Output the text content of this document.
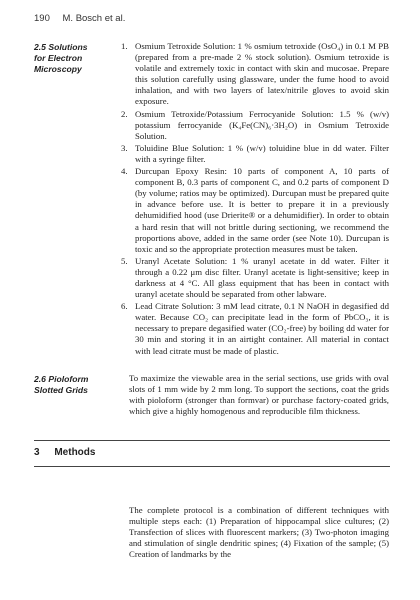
190 M. Bosch et al.
2.5 Solutions
for Electron
Microscopy
1. Osmium Tetroxide Solution: 1 % osmium tetroxide (OsO₄) in 0.1 M PB (prepared from a pre-made 2 % stock solution). Osmium tetroxide is volatile and extremely toxic in contact with skin and mucosae. Prepare this solution carefully using glassware, under the fume hood to avoid inhalation, and with two layers of latex/nitrile gloves to avoid skin exposure.
2. Osmium Tetroxide/Potassium Ferrocyanide Solution: 1.5 % (w/v) potassium ferrocyanide (K₄Fe(CN)₆·3H₂O) in Osmium Tetroxide Solution.
3. Toluidine Blue Solution: 1 % (w/v) toluidine blue in dd water. Filter with a syringe filter.
4. Durcupan Epoxy Resin: 10 parts of component A, 10 parts of component B, 0.3 parts of component C, and 0.2 parts of component D (by volume; ratios may be optimized). Durcupan must be prepared quite in advance before use. It is better to prepare it in a previously dehumidified hood (use Drierite® or a dehumidifier). In order to obtain a hard resin that will not brittle during sectioning, we recommend the proportions above, added in the same order (see Note 10). Durcupan is toxic and so the appropriate protection measures must be taken.
5. Uranyl Acetate Solution: 1 % uranyl acetate in dd water. Filter it through a 0.22 μm disc filter. Uranyl acetate is light-sensitive; keep in darkness at 4 °C. All glass equipment that has been in contact with uranyl acetate should be separated from other labware.
6. Lead Citrate Solution: 3 mM lead citrate, 0.1 N NaOH in degasified dd water. Because CO₂ can precipitate lead in the form of PbCO₃, it is necessary to prepare degasified water (CO₂-free) by boiling dd water for 30 min and storing it in an airtight container. All material in contact with lead citrate must be made of plastic.
2.6 Pioloform
Slotted Grids

To maximize the viewable area in the serial sections, use grids with oval slots of 1 mm wide by 2 mm long. To support the sections, coat the grids with pioloform (stronger than formvar) or purchase factory-coated grids, which give a highly homogenous and reproducible film thickness.

3 Methods

The complete protocol is a combination of different techniques with multiple steps each: (1) Preparation of hippocampal slice cultures; (2) Transfection of slices with fluorescent markers; (3) Two-photon imaging and stimulation of single dendritic spines; (4) Fixation of the sample; (5) Creation of landmarks by the
